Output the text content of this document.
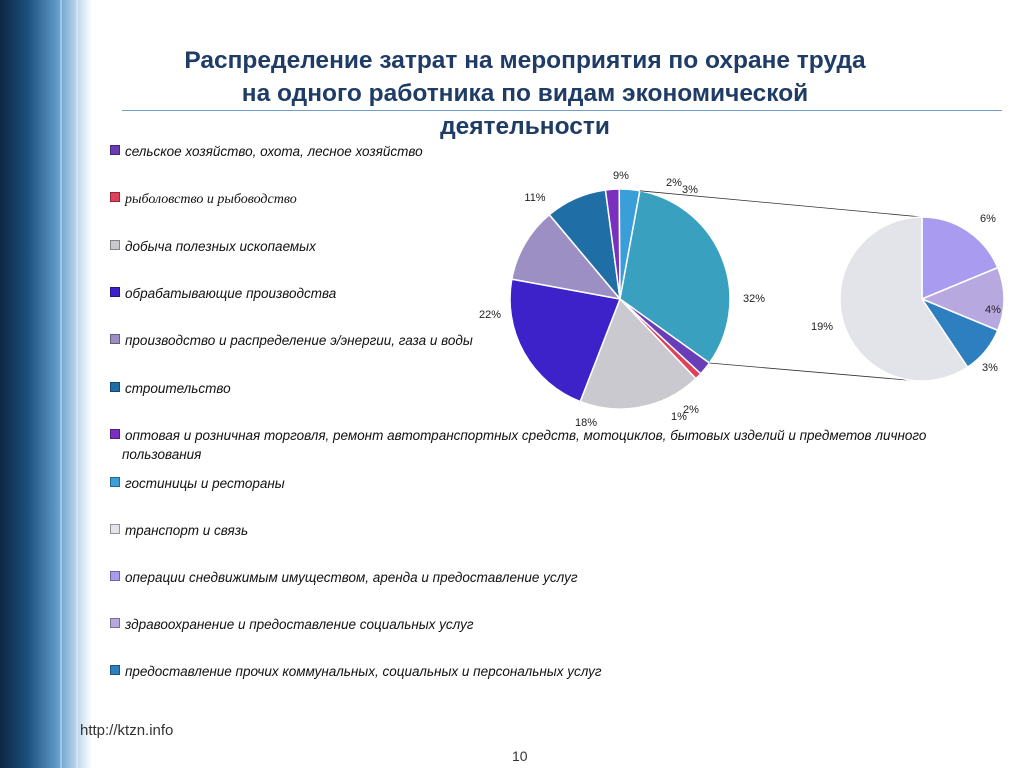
Распределение затрат на мероприятия по охране труда
на одного работника по видам экономической
деятельности
9%
2%
3%
32%
2%
1%
18%
22%
11%
6%
4%
3%
19%
сельское хозяйство, охота, лесное хозяйство
рыболовство и рыбоводство
добыча полезных ископаемых
обрабатывающие производства
производство и распределение э/энергии, газа и воды
строительство
оптовая и розничная торговля, ремонт автотранспортных средств, мотоциклов, бытовых изделий и предметов личного пользования
гостиницы и рестораны
транспорт и связь
операции снедвижимым имуществом, аренда и предоставление услуг
здравоохранение и предоставление социальных услуг
предоставление прочих коммунальных, социальных и персональных услуг
http://ktzn.info
10
